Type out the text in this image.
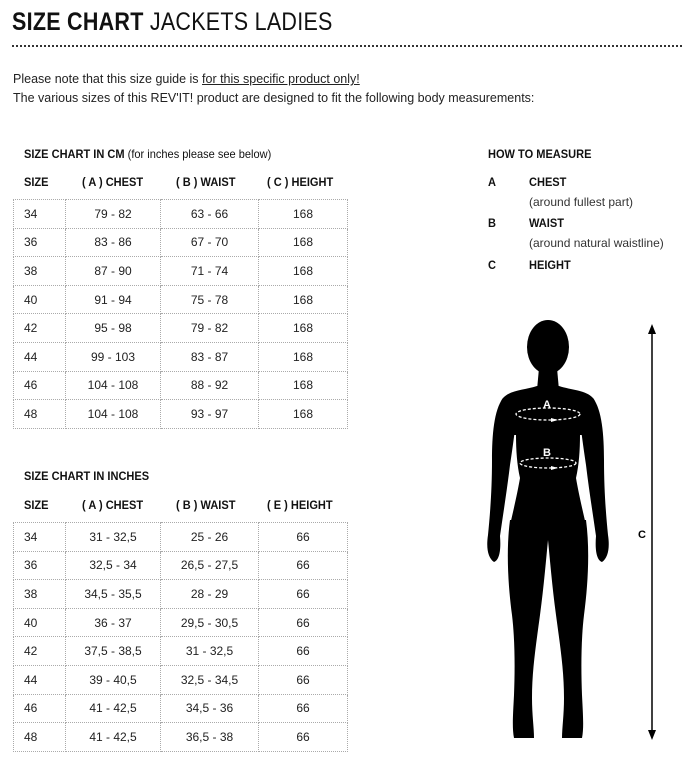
SIZE CHART JACKETS LADIES
Please note that this size guide is for this specific product only!
The various sizes of this REV'IT! product are designed to fit the following body measurements:
SIZE CHART IN CM (for inches please see below)
SIZE	( A ) CHEST	( B ) WAIST	( C ) HEIGHT
34	79 - 82	63 - 66	168
36	83 - 86	67 - 70	168
38	87 - 90	71 - 74	168
40	91 - 94	75 - 78	168
42	95 - 98	79 - 82	168
44	99 - 103	83 - 87	168
46	104 - 108	88 - 92	168
48	104 - 108	93 - 97	168
SIZE CHART IN INCHES
SIZE	( A ) CHEST	( B ) WAIST	( E ) HEIGHT
34	31 - 32,5	25 - 26	66
36	32,5 - 34	26,5 - 27,5	66
38	34,5 - 35,5	28 - 29	66
40	36 - 37	29,5 - 30,5	66
42	37,5 - 38,5	31 - 32,5	66
44	39 - 40,5	32,5 - 34,5	66
46	41 - 42,5	34,5 - 36	66
48	41 - 42,5	36,5 - 38	66
HOW TO MEASURE
A	CHEST
(around fullest part)
B	WAIST
(around natural waistline)
C	HEIGHT
A
B
C
